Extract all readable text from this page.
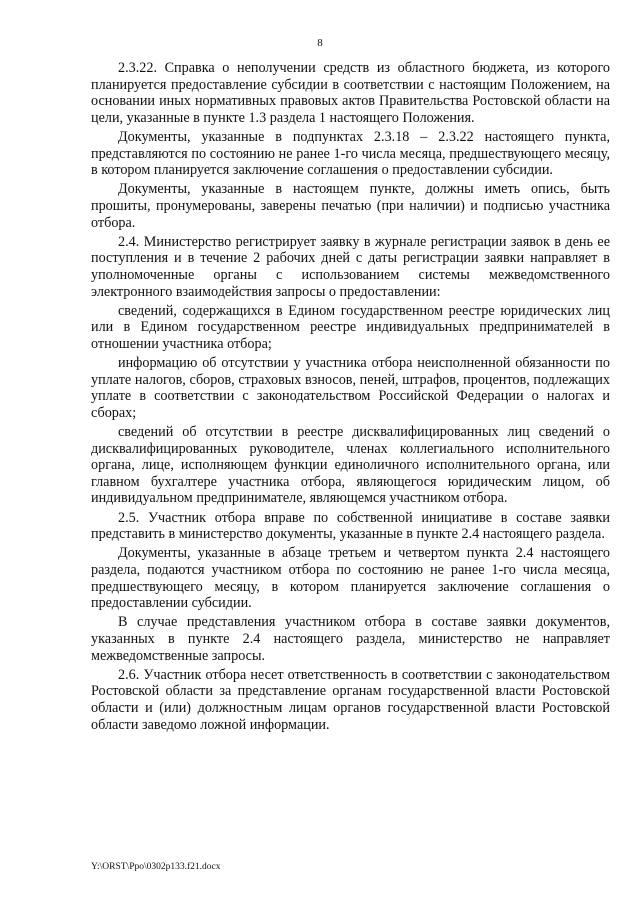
8

2.3.22. Справка о неполучении средств из областного бюджета, из которого планируется предоставление субсидии в соответствии с настоящим Положением, на основании иных нормативных правовых актов Правительства Ростовской области на цели, указанные в пункте 1.3 раздела 1 настоящего Положения.

Документы, указанные в подпунктах 2.3.18 – 2.3.22 настоящего пункта, представляются по состоянию не ранее 1-го числа месяца, предшествующего месяцу, в котором планируется заключение соглашения о предоставлении субсидии.

Документы, указанные в настоящем пункте, должны иметь опись, быть прошиты, пронумерованы, заверены печатью (при наличии) и подписью участника отбора.

2.4. Министерство регистрирует заявку в журнале регистрации заявок в день ее поступления и в течение 2 рабочих дней с даты регистрации заявки направляет в уполномоченные органы с использованием системы межведомственного электронного взаимодействия запросы о предоставлении:

сведений, содержащихся в Едином государственном реестре юридических лиц или в Едином государственном реестре индивидуальных предпринимателей в отношении участника отбора;

информацию об отсутствии у участника отбора неисполненной обязанности по уплате налогов, сборов, страховых взносов, пеней, штрафов, процентов, подлежащих уплате в соответствии с законодательством Российской Федерации о налогах и сборах;

сведений об отсутствии в реестре дисквалифицированных лиц сведений о дисквалифицированных руководителе, членах коллегиального исполнительного органа, лице, исполняющем функции единоличного исполнительного органа, или главном бухгалтере участника отбора, являющегося юридическим лицом, об индивидуальном предпринимателе, являющемся участником отбора.

2.5. Участник отбора вправе по собственной инициативе в составе заявки представить в министерство документы, указанные в пункте 2.4 настоящего раздела.

Документы, указанные в абзаце третьем и четвертом пункта 2.4 настоящего раздела, подаются участником отбора по состоянию не ранее 1-го числа месяца, предшествующего месяцу, в котором планируется заключение соглашения о предоставлении субсидии.

В случае представления участником отбора в составе заявки документов, указанных в пункте 2.4 настоящего раздела, министерство не направляет межведомственные запросы.

2.6. Участник отбора несет ответственность в соответствии с законодательством Ростовской области за представление органам государственной власти Ростовской области и (или) должностным лицам органов государственной власти Ростовской области заведомо ложной информации.

Y:\ORST\Ppo\0302p133.f21.docx
